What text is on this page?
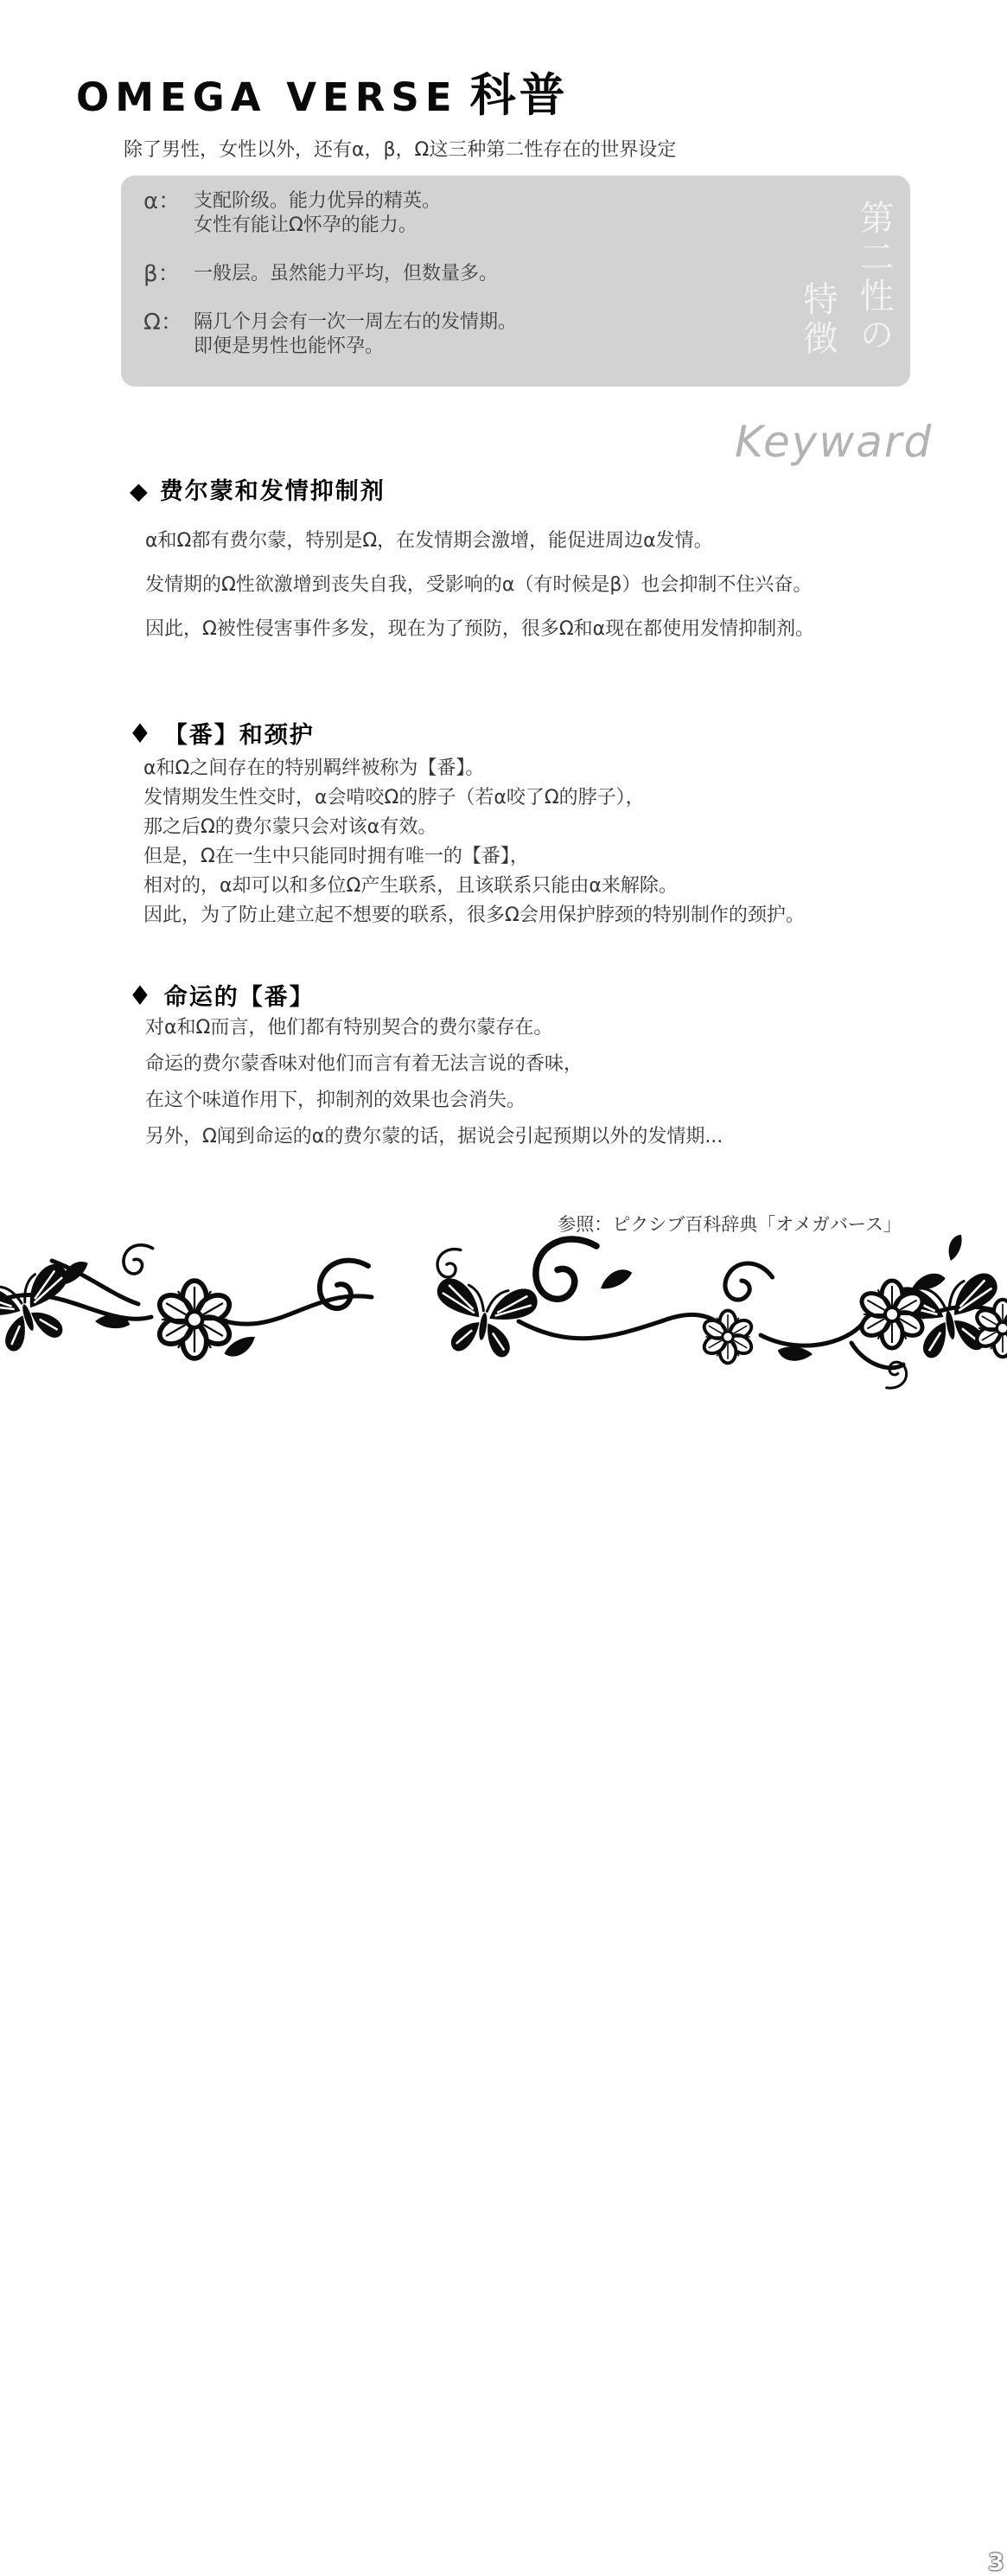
OMEGA VERSE 科普
除了男性，女性以外，还有α，β，Ω这三种第二性存在的世界设定
α： 支配阶级。能力优异的精英。
女性有能让Ω怀孕的能力。
β： 一般层。虽然能力平均，但数量多。
Ω： 隔几个月会有一次一周左右的发情期。
即便是男性也能怀孕。	第二性の
特徴
Keyward
◆ 费尔蒙和发情抑制剂
α和Ω都有费尔蒙，特别是Ω，在发情期会激增，能促进周边α发情。
发情期的Ω性欲激增到丧失自我，受影响的α（有时候是β）也会抑制不住兴奋。
因此，Ω被性侵害事件多发，现在为了预防，很多Ω和α现在都使用发情抑制剂。
♦ 【番】和颈护
α和Ω之间存在的特别羁绊被称为【番】。
发情期发生性交时，α会啃咬Ω的脖子（若α咬了Ω的脖子），
那之后Ω的费尔蒙只会对该α有效。
但是，Ω在一生中只能同时拥有唯一的【番】，
相对的，α却可以和多位Ω产生联系，且该联系只能由α来解除。
因此，为了防止建立起不想要的联系，很多Ω会用保护脖颈的特别制作的颈护。
♦ 命运的【番】
对α和Ω而言，他们都有特别契合的费尔蒙存在。
命运的费尔蒙香味对他们而言有着无法言说的香味，
在这个味道作用下，抑制剂的效果也会消失。
另外，Ω闻到命运的α的费尔蒙的话，据说会引起预期以外的发情期...
参照：ピクシブ百科辞典「オメガバース」
3
